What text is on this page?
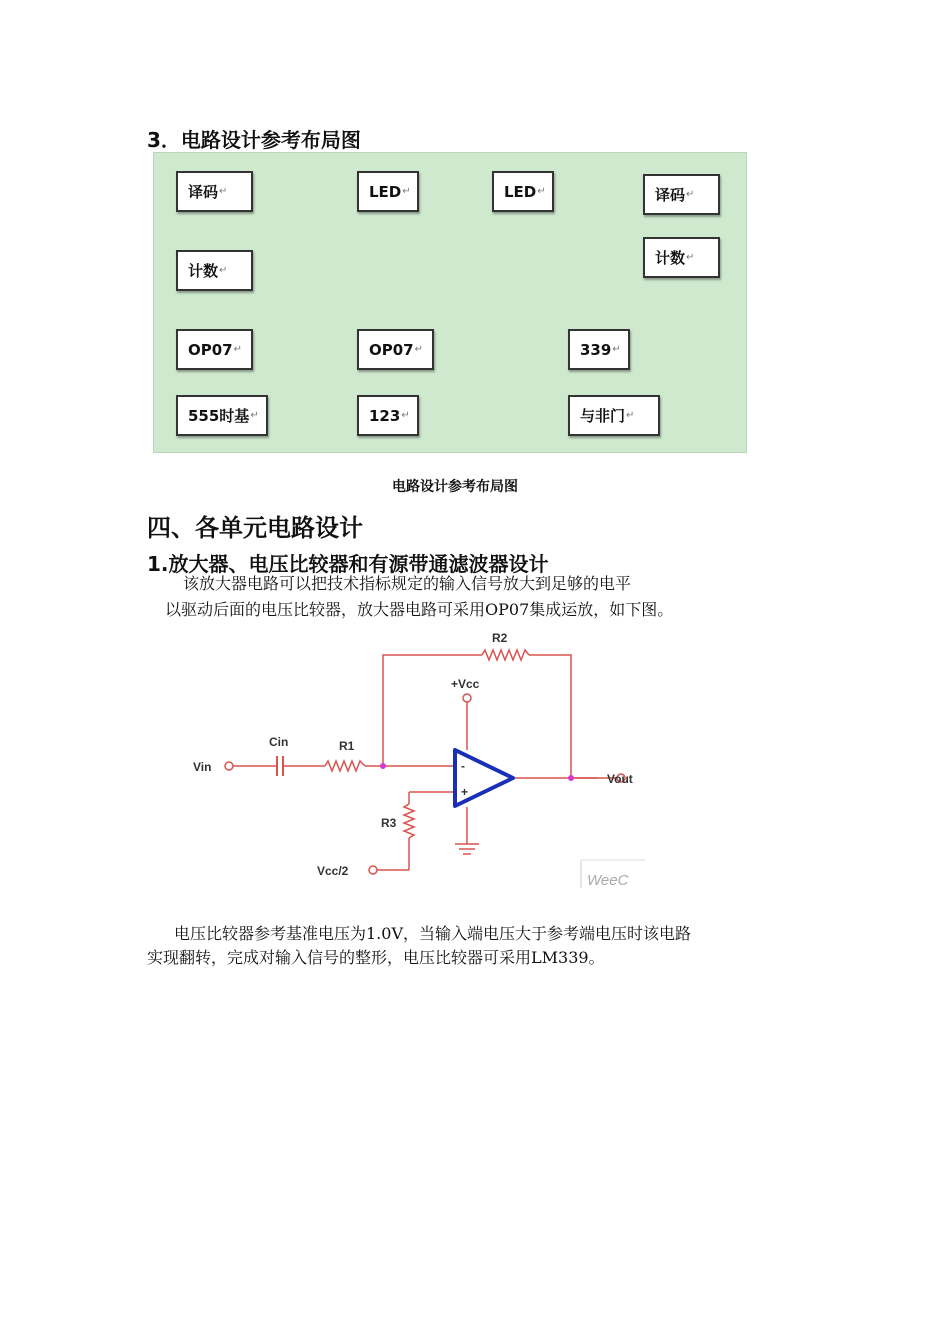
3．电路设计参考布局图
译码 ↵	LED ↵	LED ↵	译码 ↵
计数 ↵
计数 ↵
OP07 ↵	OP07 ↵	339 ↵
555时基 ↵	123 ↵	与非门 ↵
电路设计参考布局图
四、各单元电路设计
1.放大器、电压比较器和有源带通滤波器设计
该放大器电路可以把技术指标规定的输入信号放大到足够的电平
以驱动后面的电压比较器，放大器电路可采用OP07集成运放，如下图。
R2
+Vcc
Cin	R1
Vin	-
+
Vout
R3
Vcc/2
WeeC
电压比较器参考基准电压为1.0V，当输入端电压大于参考端电压时该电路
实现翻转，完成对输入信号的整形，电压比较器可采用LM339。
